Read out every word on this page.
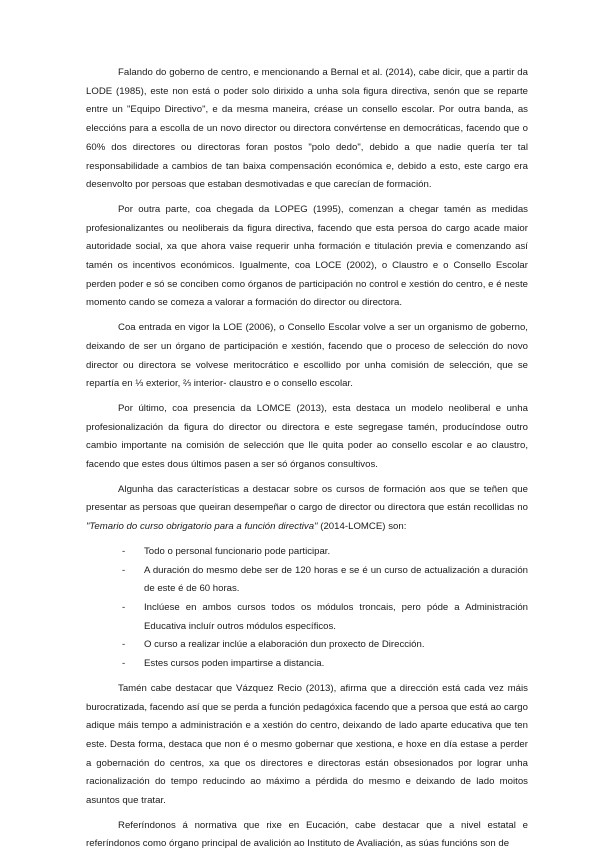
Falando do goberno de centro, e mencionando a Bernal et al. (2014), cabe dicir, que a partir da LODE (1985), este non está o poder solo dirixido a unha sola figura directiva, senón que se reparte entre un "Equipo Directivo", e da mesma maneira, créase un consello escolar. Por outra banda, as eleccións para a escolla de un novo director ou directora convértense en democráticas, facendo que o 60% dos directores ou directoras foran postos "polo dedo", debido a que nadie quería ter tal responsabilidade a cambios de tan baixa compensación económica e, debido a esto, este cargo era desenvolto por persoas que estaban desmotivadas e que carecían de formación.

Por outra parte, coa chegada da LOPEG (1995), comenzan a chegar tamén as medidas profesionalizantes ou neoliberais da figura directiva, facendo que esta persoa do cargo acade maior autoridade social, xa que ahora vaise requerir unha formación e titulación previa e comenzando así tamén os incentivos económicos. Igualmente, coa LOCE (2002), o Claustro e o Consello Escolar perden poder e só se conciben como órganos de participación no control e xestión do centro, e é neste momento cando se comeza a valorar a formación do director ou directora.

Coa entrada en vigor la LOE (2006), o Consello Escolar volve a ser un organismo de goberno, deixando de ser un órgano de participación e xestión, facendo que o proceso de selección do novo director ou directora se volvese meritocrático e escollido por unha comisión de selección, que se repartía en ⅓ exterior, ⅔ interior- claustro e o consello escolar.

Por último, coa presencia da LOMCE (2013), esta destaca un modelo neoliberal e unha profesionalización da figura do director ou directora e este segregase tamén, producíndose outro cambio importante na comisión de selección que lle quita poder ao consello escolar e ao claustro, facendo que estes dous últimos pasen a ser só órganos consultivos.

Algunha das características a destacar sobre os cursos de formación aos que se teñen que presentar as persoas que queiran desempeñar o cargo de director ou directora que están recollidas no "Temario do curso obrigatorio para a función directiva" (2014-LOMCE) son:

- Todo o personal funcionario pode participar.
- A duración do mesmo debe ser de 120 horas e se é un curso de actualización a duración de este é de 60 horas.
- Inclúese en ambos cursos todos os módulos troncais, pero póde a Administración Educativa incluír outros módulos específicos.
- O curso a realizar inclúe a elaboración dun proxecto de Dirección.
- Estes cursos poden impartirse a distancia.

Tamén cabe destacar que Vázquez Recio (2013), afirma que a dirección está cada vez máis burocratizada, facendo así que se perda a función pedagóxica facendo que a persoa que está ao cargo adique máis tempo a administración e a xestión do centro, deixando de lado aparte educativa que ten este. Desta forma, destaca que non é o mesmo gobernar que xestiona, e hoxe en día estase a perder a gobernación do centros, xa que os directores e directoras están obsesionados por lograr unha racionalización do tempo reducindo ao máximo a pérdida do mesmo e deixando de lado moitos asuntos que tratar.

Referíndonos á normativa que rixe en Eucación, cabe destacar que a nivel estatal e referíndonos como órgano principal de avalición ao Instituto de Avaliación, as súas funcións son de
